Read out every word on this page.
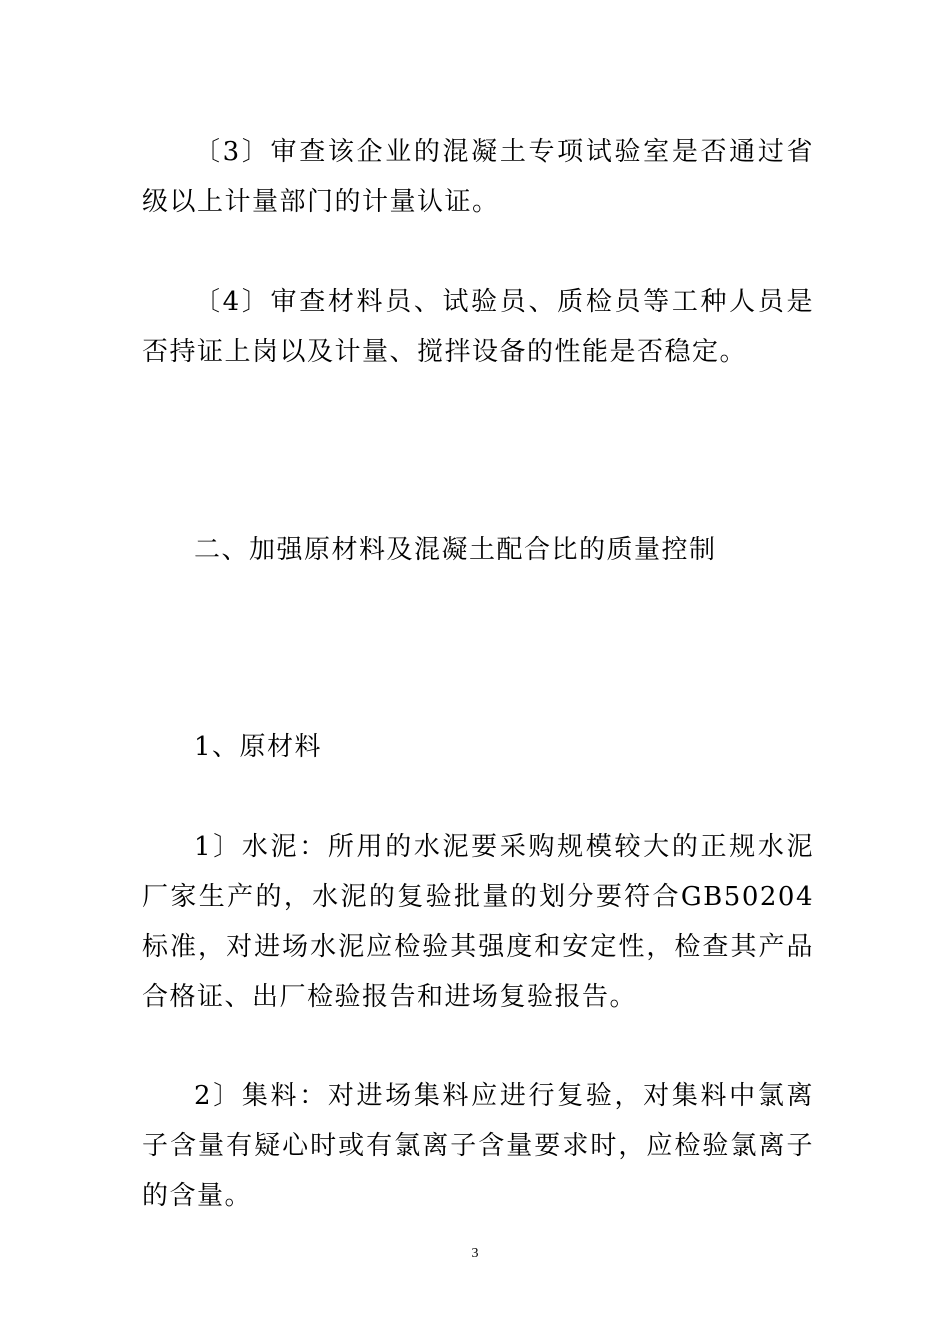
〔3〕审查该企业的混凝土专项试验室是否通过省级以上计量部门的计量认证。

〔4〕审查材料员、试验员、质检员等工种人员是否持证上岗以及计量、搅拌设备的性能是否稳定。

二、加强原材料及混凝土配合比的质量控制

1、原材料

1〕水泥：所用的水泥要采购规模较大的正规水泥厂家生产的，水泥的复验批量的划分要符合GB50204标准，对进场水泥应检验其强度和安定性，检查其产品合格证、出厂检验报告和进场复验报告。

2〕集料：对进场集料应进行复验，对集料中氯离子含量有疑心时或有氯离子含量要求时，应检验氯离子的含量。

3
